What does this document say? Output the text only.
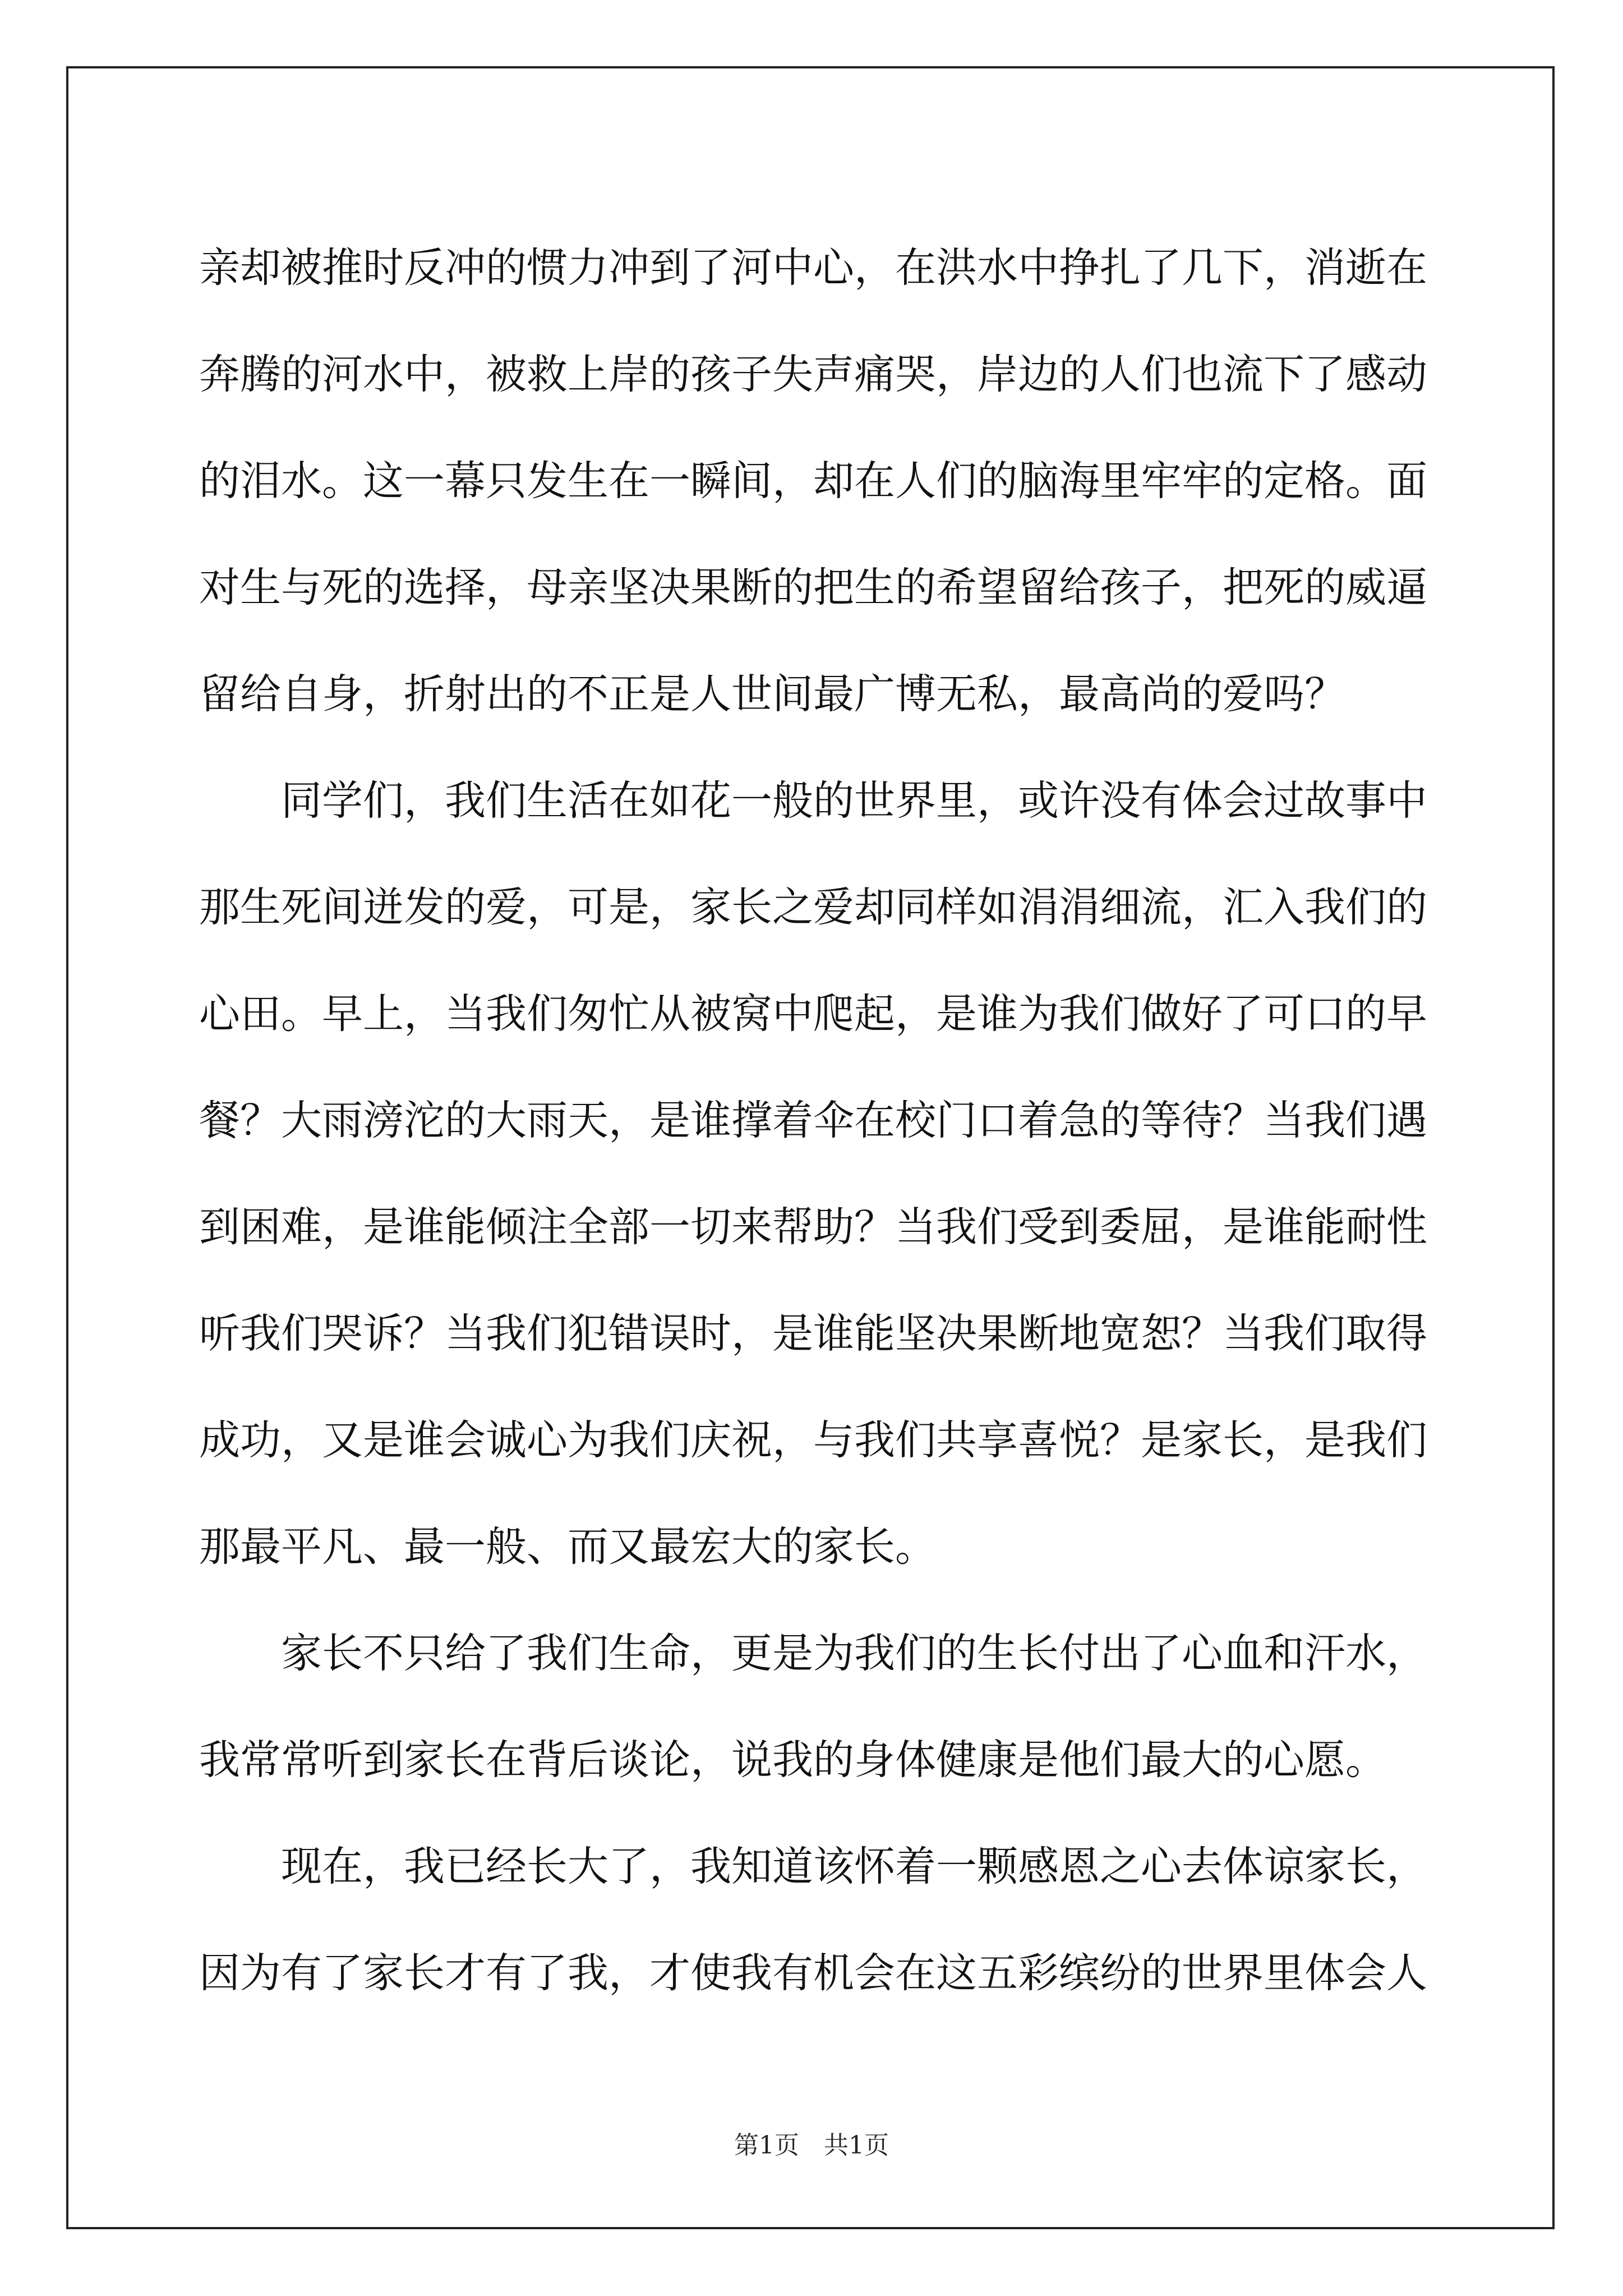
亲却被推时反冲的惯力冲到了河中心，在洪水中挣扎了几下，消逝在
奔腾的河水中，被救上岸的孩子失声痛哭，岸边的人们也流下了感动
的泪水。这一幕只发生在一瞬间，却在人们的脑海里牢牢的定格。面
对生与死的选择，母亲坚决果断的把生的希望留给孩子，把死的威逼
留给自身，折射出的不正是人世间最广博无私，最高尚的爱吗？
同学们，我们生活在如花一般的世界里，或许没有体会过故事中
那生死间迸发的爱，可是，家长之爱却同样如涓涓细流，汇入我们的
心田。早上，当我们匆忙从被窝中爬起，是谁为我们做好了可口的早
餐？大雨滂沱的大雨天，是谁撑着伞在校门口着急的等待？当我们遇
到困难，是谁能倾注全部一切来帮助？当我们受到委屈，是谁能耐性
听我们哭诉？当我们犯错误时，是谁能坚决果断地宽恕？当我们取得
成功，又是谁会诚心为我们庆祝，与我们共享喜悦？是家长，是我们
那最平凡、最一般、而又最宏大的家长。
家长不只给了我们生命，更是为我们的生长付出了心血和汗水，
我常常听到家长在背后谈论，说我的身体健康是他们最大的心愿。
现在，我已经长大了，我知道该怀着一颗感恩之心去体谅家长，
因为有了家长才有了我，才使我有机会在这五彩缤纷的世界里体会人
第1页　共1页
